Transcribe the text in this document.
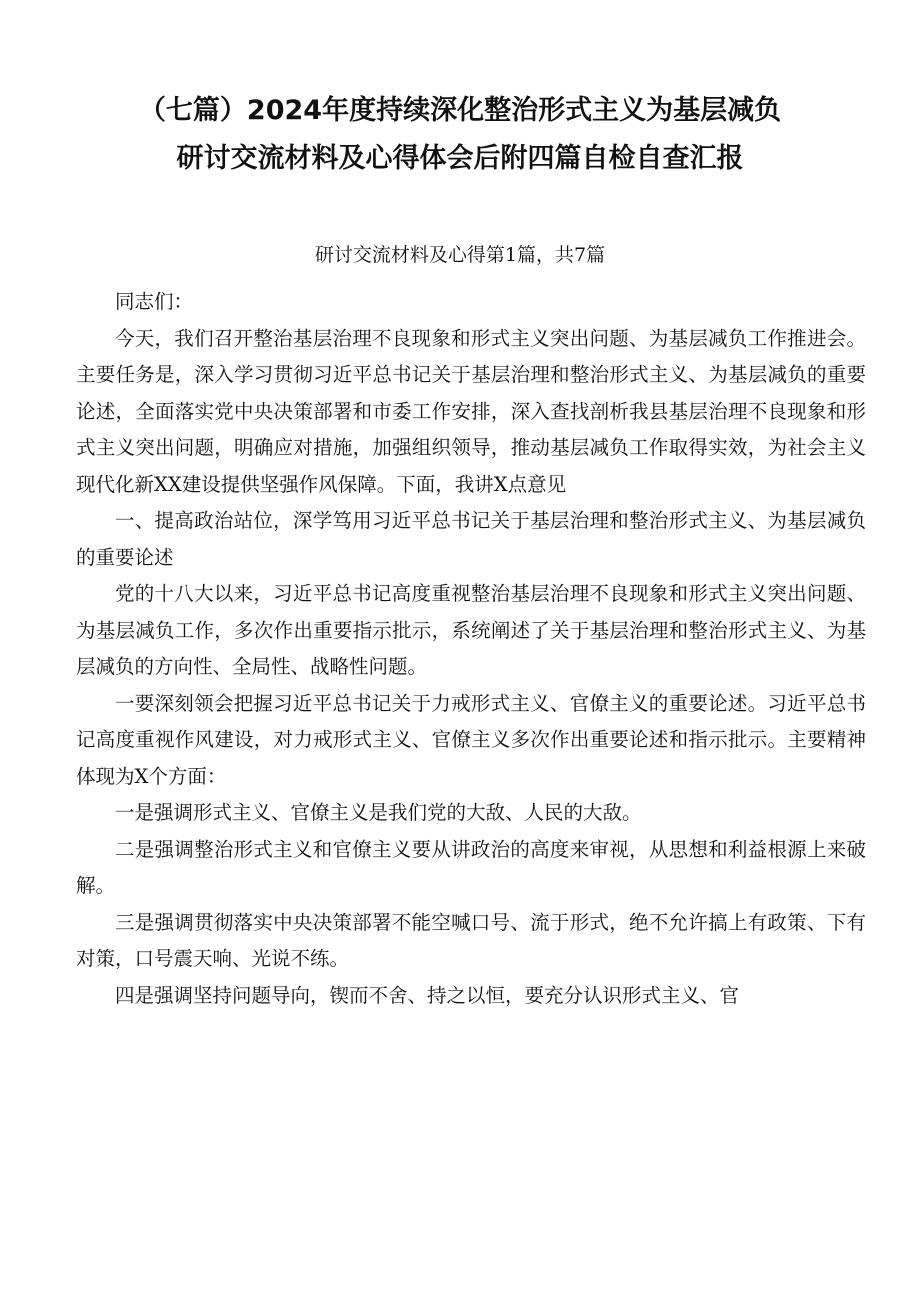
（七篇）2024年度持续深化整治形式主义为基层减负
研讨交流材料及心得体会后附四篇自检自查汇报
研讨交流材料及心得第1篇，共7篇

同志们：

今天，我们召开整治基层治理不良现象和形式主义突出问题、为基层减负工作推进会。主要任务是，深入学习贯彻习近平总书记关于基层治理和整治形式主义、为基层减负的重要论述，全面落实党中央决策部署和市委工作安排，深入查找剖析我县基层治理不良现象和形式主义突出问题，明确应对措施，加强组织领导，推动基层减负工作取得实效，为社会主义现代化新XX建设提供坚强作风保障。下面，我讲X点意见

一、提高政治站位，深学笃用习近平总书记关于基层治理和整治形式主义、为基层减负的重要论述

党的十八大以来，习近平总书记高度重视整治基层治理不良现象和形式主义突出问题、为基层减负工作，多次作出重要指示批示，系统阐述了关于基层治理和整治形式主义、为基层减负的方向性、全局性、战略性问题。

一要深刻领会把握习近平总书记关于力戒形式主义、官僚主义的重要论述。习近平总书记高度重视作风建设，对力戒形式主义、官僚主义多次作出重要论述和指示批示。主要精神体现为X个方面：

一是强调形式主义、官僚主义是我们党的大敌、人民的大敌。

二是强调整治形式主义和官僚主义要从讲政治的高度来审视，从思想和利益根源上来破解。

三是强调贯彻落实中央决策部署不能空喊口号、流于形式，绝不允许搞上有政策、下有对策，口号震天响、光说不练。

四是强调坚持问题导向，锲而不舍、持之以恒，要充分认识形式主义、官
